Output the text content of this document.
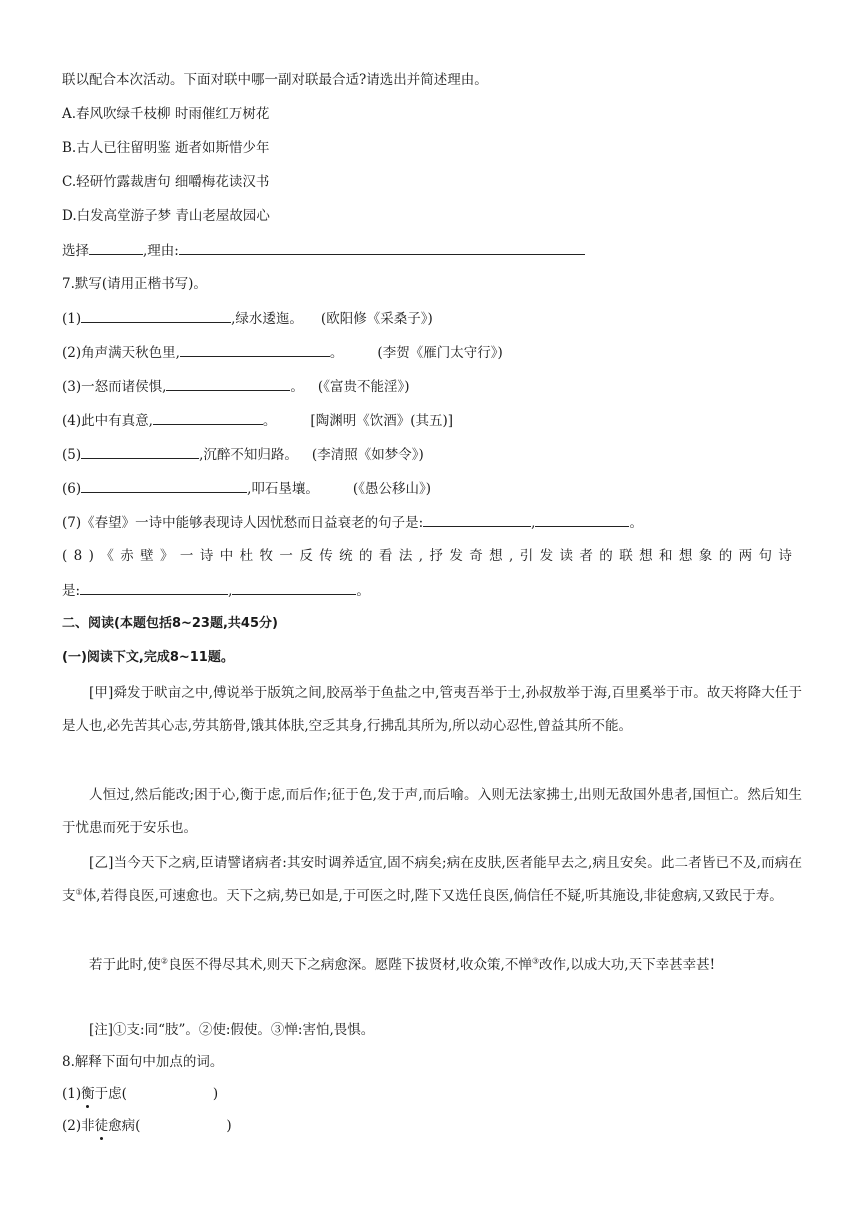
联以配合本次活动。下面对联中哪一副对联最合适?请选出并简述理由。
A.春风吹绿千枝柳 时雨催红万树花
B.古人已往留明鉴 逝者如斯惜少年
C.轻研竹露裁唐句 细嚼梅花读汉书
D.白发高堂游子梦 青山老屋故园心
选择	,理由:
7.默写(请用正楷书写)。
(1)	,绿水逶迤。 (欧阳修《采桑子》)
(2)角声满天秋色里,	。	(李贺《雁门太守行》)
(3)一怒而诸侯惧,	。 (《富贵不能淫》)
(4)此中有真意,	。	[陶渊明《饮酒》(其五)]
(5)	,沉醉不知归路。 (李清照《如梦令》)
(6)	,叩石垦壤。	(《愚公移山》)
(7)《春望》一诗中能够表现诗人因忧愁而日益衰老的句子是:	,	。
(8)《赤壁》一诗中杜牧一反传统的看法,抒发奇想,引发读者的联想和想象的两句诗
是:	,	。
二、阅读(本题包括8~23题,共45分)
(一)阅读下文,完成8~11题。
[甲]舜发于畎亩之中,傅说举于版筑之间,胶鬲举于鱼盐之中,管夷吾举于士,孙叔敖举于海,百里奚举于市。故天将降大任于是人也,必先苦其心志,劳其筋骨,饿其体肤,空乏其身,行拂乱其所为,所以动心忍性,曾益其所不能。
人恒过,然后能改;困于心,衡于虑,而后作;征于色,发于声,而后喻。入则无法家拂士,出则无敌国外患者,国恒亡。然后知生于忧患而死于安乐也。
[乙]当今天下之病,臣请譬诸病者:其安时调养适宜,固不病矣;病在皮肤,医者能早去之,病且安矣。此二者皆已不及,而病在支①体,若得良医,可速愈也。天下之病,势已如是,于可医之时,陛下又选任良医,倘信任不疑,听其施设,非徒愈病,又致民于寿。
若于此时,使②良医不得尽其术,则天下之病愈深。愿陛下拔贤材,收众策,不惮③改作,以成大功,天下幸甚幸甚!
[注]①支:同“肢”。②使:假使。③惮:害怕,畏惧。
8.解释下面句中加点的词。
(1)衡于虑(	)
(2)非徒愈病(	)
